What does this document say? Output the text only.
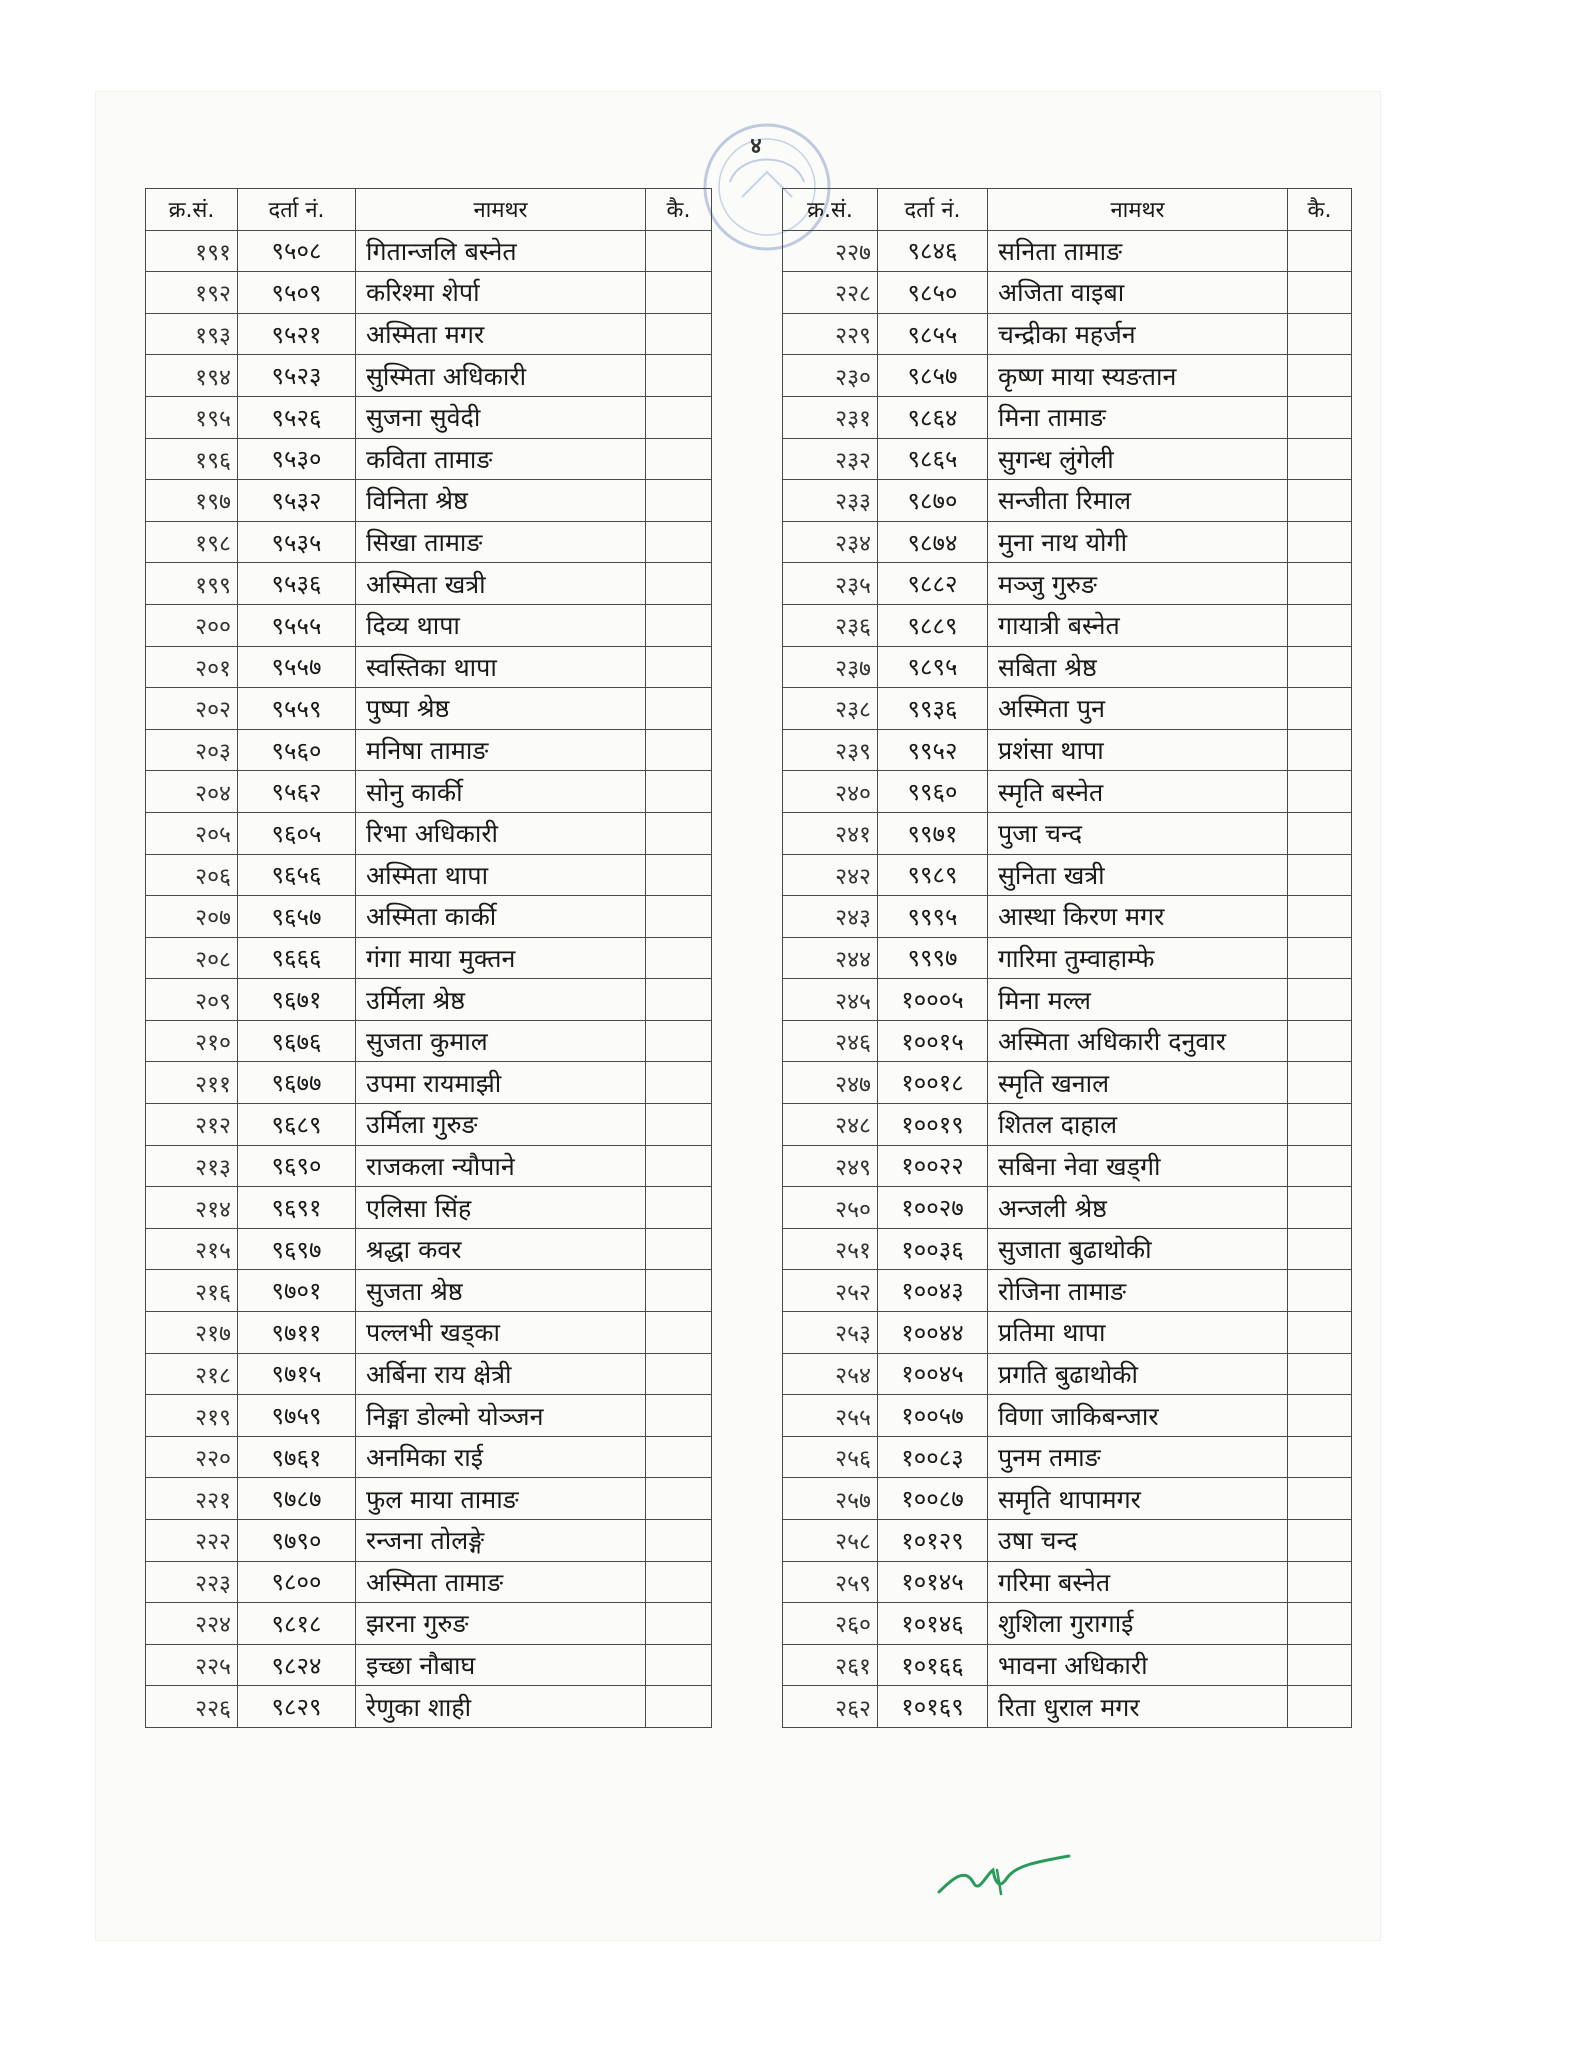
४
क्र.सं.	दर्ता नं.	नामथर	कै.
१९१	९५०८	गितान्जलि बस्नेत	
१९२	९५०९	करिश्मा शेर्पा	
१९३	९५२१	अस्मिता मगर	
१९४	९५२३	सुस्मिता अधिकारी	
१९५	९५२६	सुजना सुवेदी	
१९६	९५३०	कविता तामाङ	
१९७	९५३२	विनिता श्रेष्ठ	
१९८	९५३५	सिखा तामाङ	
१९९	९५३६	अस्मिता खत्री	
२००	९५५५	दिव्य थापा	
२०१	९५५७	स्वस्तिका थापा	
२०२	९५५९	पुष्पा श्रेष्ठ	
२०३	९५६०	मनिषा तामाङ	
२०४	९५६२	सोनु कार्की	
२०५	९६०५	रिभा अधिकारी	
२०६	९६५६	अस्मिता थापा	
२०७	९६५७	अस्मिता कार्की	
२०८	९६६६	गंगा माया मुक्तन	
२०९	९६७१	उर्मिला श्रेष्ठ	
२१०	९६७६	सुजता कुमाल	
२११	९६७७	उपमा रायमाझी	
२१२	९६८९	उर्मिला गुरुङ	
२१३	९६९०	राजकला न्यौपाने	
२१४	९६९१	एलिसा सिंह	
२१५	९६९७	श्रद्धा कवर	
२१६	९७०१	सुजता श्रेष्ठ	
२१७	९७११	पल्लभी खड्का	
२१८	९७१५	अर्बिना राय क्षेत्री	
२१९	९७५९	निङ्मा डोल्मो योञ्जन	
२२०	९७६१	अनमिका राई	
२२१	९७८७	फुल माया तामाङ	
२२२	९७९०	रन्जना तोलङ्गे	
२२३	९८००	अस्मिता तामाङ	
२२४	९८१८	झरना गुरुङ	
२२५	९८२४	इच्छा नौबाघ	
२२६	९८२९	रेणुका शाही	
क्र.सं.	दर्ता नं.	नामथर	कै.
२२७	९८४६	सनिता तामाङ	
२२८	९८५०	अजिता वाइबा	
२२९	९८५५	चन्द्रीका महर्जन	
२३०	९८५७	कृष्ण माया स्यङतान	
२३१	९८६४	मिना तामाङ	
२३२	९८६५	सुगन्ध लुंगेली	
२३३	९८७०	सन्जीता रिमाल	
२३४	९८७४	मुना नाथ योगी	
२३५	९८८२	मञ्जु गुरुङ	
२३६	९८८९	गायात्री बस्नेत	
२३७	९८९५	सबिता श्रेष्ठ	
२३८	९९३६	अस्मिता पुन	
२३९	९९५२	प्रशंसा थापा	
२४०	९९६०	स्मृति बस्नेत	
२४१	९९७१	पुजा चन्द	
२४२	९९८९	सुनिता खत्री	
२४३	९९९५	आस्था किरण मगर	
२४४	९९९७	गारिमा तुम्वाहाम्फे	
२४५	१०००५	मिना मल्ल	
२४६	१००१५	अस्मिता अधिकारी दनुवार	
२४७	१००१८	स्मृति खनाल	
२४८	१००१९	शितल दाहाल	
२४९	१००२२	सबिना नेवा खड्गी	
२५०	१००२७	अन्जली श्रेष्ठ	
२५१	१००३६	सुजाता बुढाथोकी	
२५२	१००४३	रोजिना तामाङ	
२५३	१००४४	प्रतिमा थापा	
२५४	१००४५	प्रगति बुढाथोकी	
२५५	१००५७	विणा जाकिबन्जार	
२५६	१००८३	पुनम तमाङ	
२५७	१००८७	समृति थापामगर	
२५८	१०१२९	उषा चन्द	
२५९	१०१४५	गरिमा बस्नेत	
२६०	१०१४६	शुशिला गुरागाई	
२६१	१०१६६	भावना अधिकारी	
२६२	१०१६९	रिता धुराल मगर	
